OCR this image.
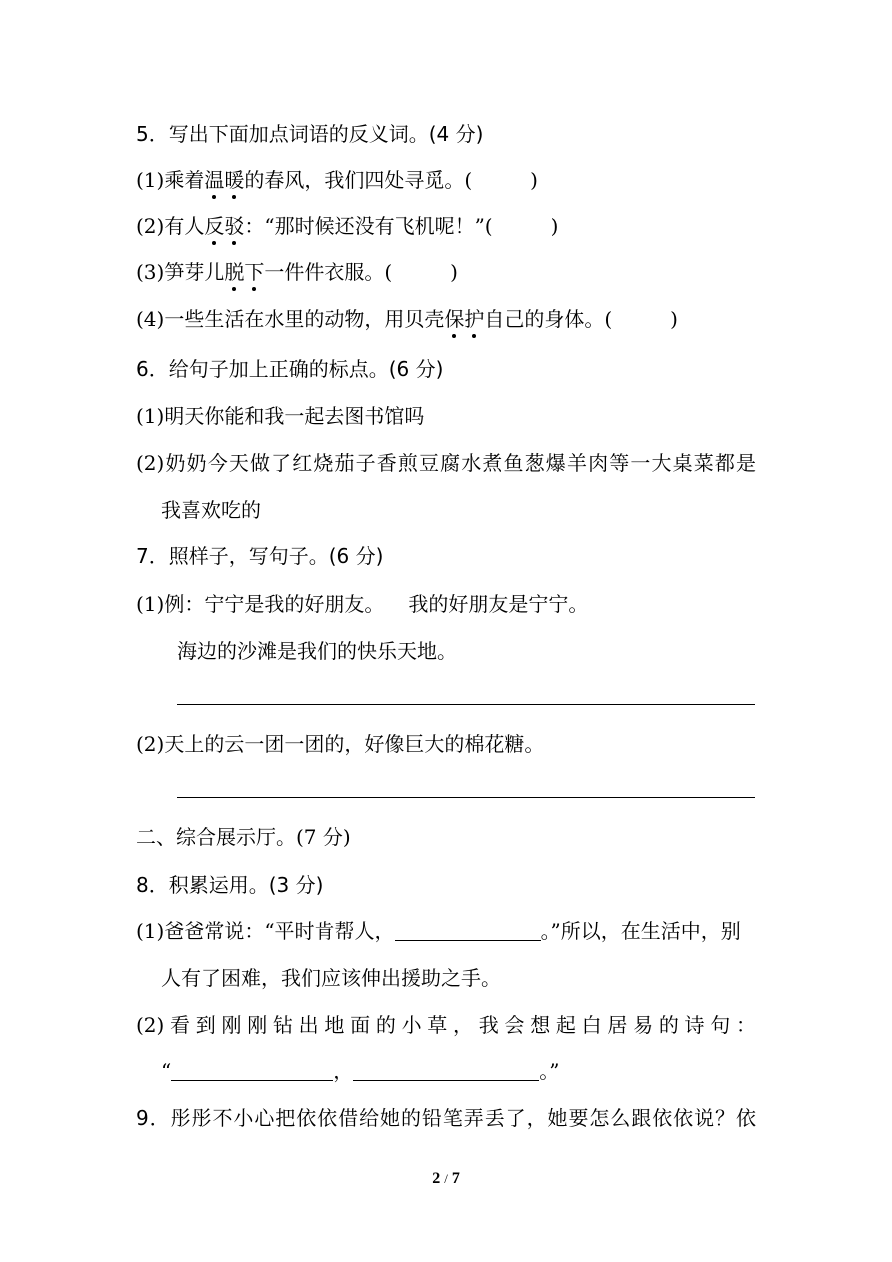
5．写出下面加点词语的反义词。(4 分)
(1)乘着温暖的春风，我们四处寻觅。(	)
(2)有人反驳：“那时候还没有飞机呢！”(	)
(3)笋芽儿脱下一件件衣服。(	)
(4)一些生活在水里的动物，用贝壳保护自己的身体。(	)
6．给句子加上正确的标点。(6 分)
(1)明天你能和我一起去图书馆吗
(2)奶奶今天做了红烧茄子香煎豆腐水煮鱼葱爆羊肉等一大桌菜都是
我喜欢吃的
7．照样子，写句子。(6 分)
(1)例：宁宁是我的好朋友。 我的好朋友是宁宁。
海边的沙滩是我们的快乐天地。
(2)天上的云一团一团的，好像巨大的棉花糖。
二、综合展示厅。(7 分)
8．积累运用。(3 分)
(1)爸爸常说：“平时肯帮人，	。”所以，在生活中，别
人有了困难，我们应该伸出援助之手。
(2)看到刚刚钻出地面的小草，我会想起白居易的诗句：
“	，	。”
9．彤彤不小心把依依借给她的铅笔弄丢了，她要怎么跟依依说？依
2 / 7
